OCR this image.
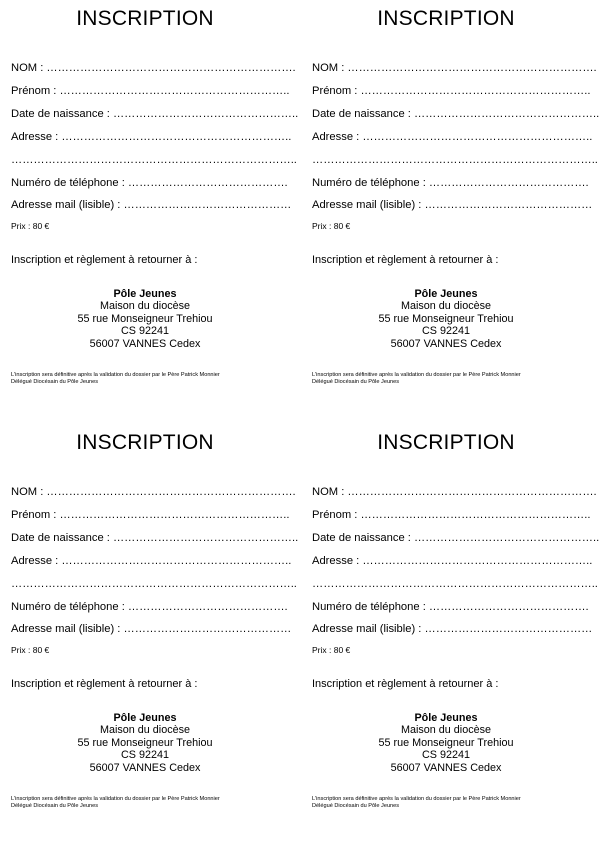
INSCRIPTION
NOM : ………………………………………………………….
Prénom : ……………………………………………………..
Date de naissance : …………………………………………..
Adresse : ……………………………………………………..
…………………………………………………………………..
Numéro de téléphone : …………………………………….
Adresse mail (lisible) : ………………………………………
Prix : 80 €
Inscription et règlement à retourner à :
Pôle Jeunes
Maison du diocèse
55 rue Monseigneur Trehiou
CS 92241
56007 VANNES Cedex
L'inscription sera définitive après la validation du dossier par le Père Patrick Monnier
Délégué Diocésain du Pôle Jeunes
INSCRIPTION
NOM : ………………………………………………………….
Prénom : ……………………………………………………..
Date de naissance : …………………………………………..
Adresse : ……………………………………………………..
…………………………………………………………………..
Numéro de téléphone : …………………………………….
Adresse mail (lisible) : ………………………………………
Prix : 80 €
Inscription et règlement à retourner à :
Pôle Jeunes
Maison du diocèse
55 rue Monseigneur Trehiou
CS 92241
56007 VANNES Cedex
L'inscription sera définitive après la validation du dossier par le Père Patrick Monnier
Délégué Diocésain du Pôle Jeunes
INSCRIPTION
NOM : ………………………………………………………….
Prénom : ……………………………………………………..
Date de naissance : …………………………………………..
Adresse : ……………………………………………………..
…………………………………………………………………..
Numéro de téléphone : …………………………………….
Adresse mail (lisible) : ………………………………………
Prix : 80 €
Inscription et règlement à retourner à :
Pôle Jeunes
Maison du diocèse
55 rue Monseigneur Trehiou
CS 92241
56007 VANNES Cedex
L'inscription sera définitive après la validation du dossier par le Père Patrick Monnier
Délégué Diocésain du Pôle Jeunes
INSCRIPTION
NOM : ………………………………………………………….
Prénom : ……………………………………………………..
Date de naissance : …………………………………………..
Adresse : ……………………………………………………..
…………………………………………………………………..
Numéro de téléphone : …………………………………….
Adresse mail (lisible) : ………………………………………
Prix : 80 €
Inscription et règlement à retourner à :
Pôle Jeunes
Maison du diocèse
55 rue Monseigneur Trehiou
CS 92241
56007 VANNES Cedex
L'inscription sera définitive après la validation du dossier par le Père Patrick Monnier
Délégué Diocésain du Pôle Jeunes
